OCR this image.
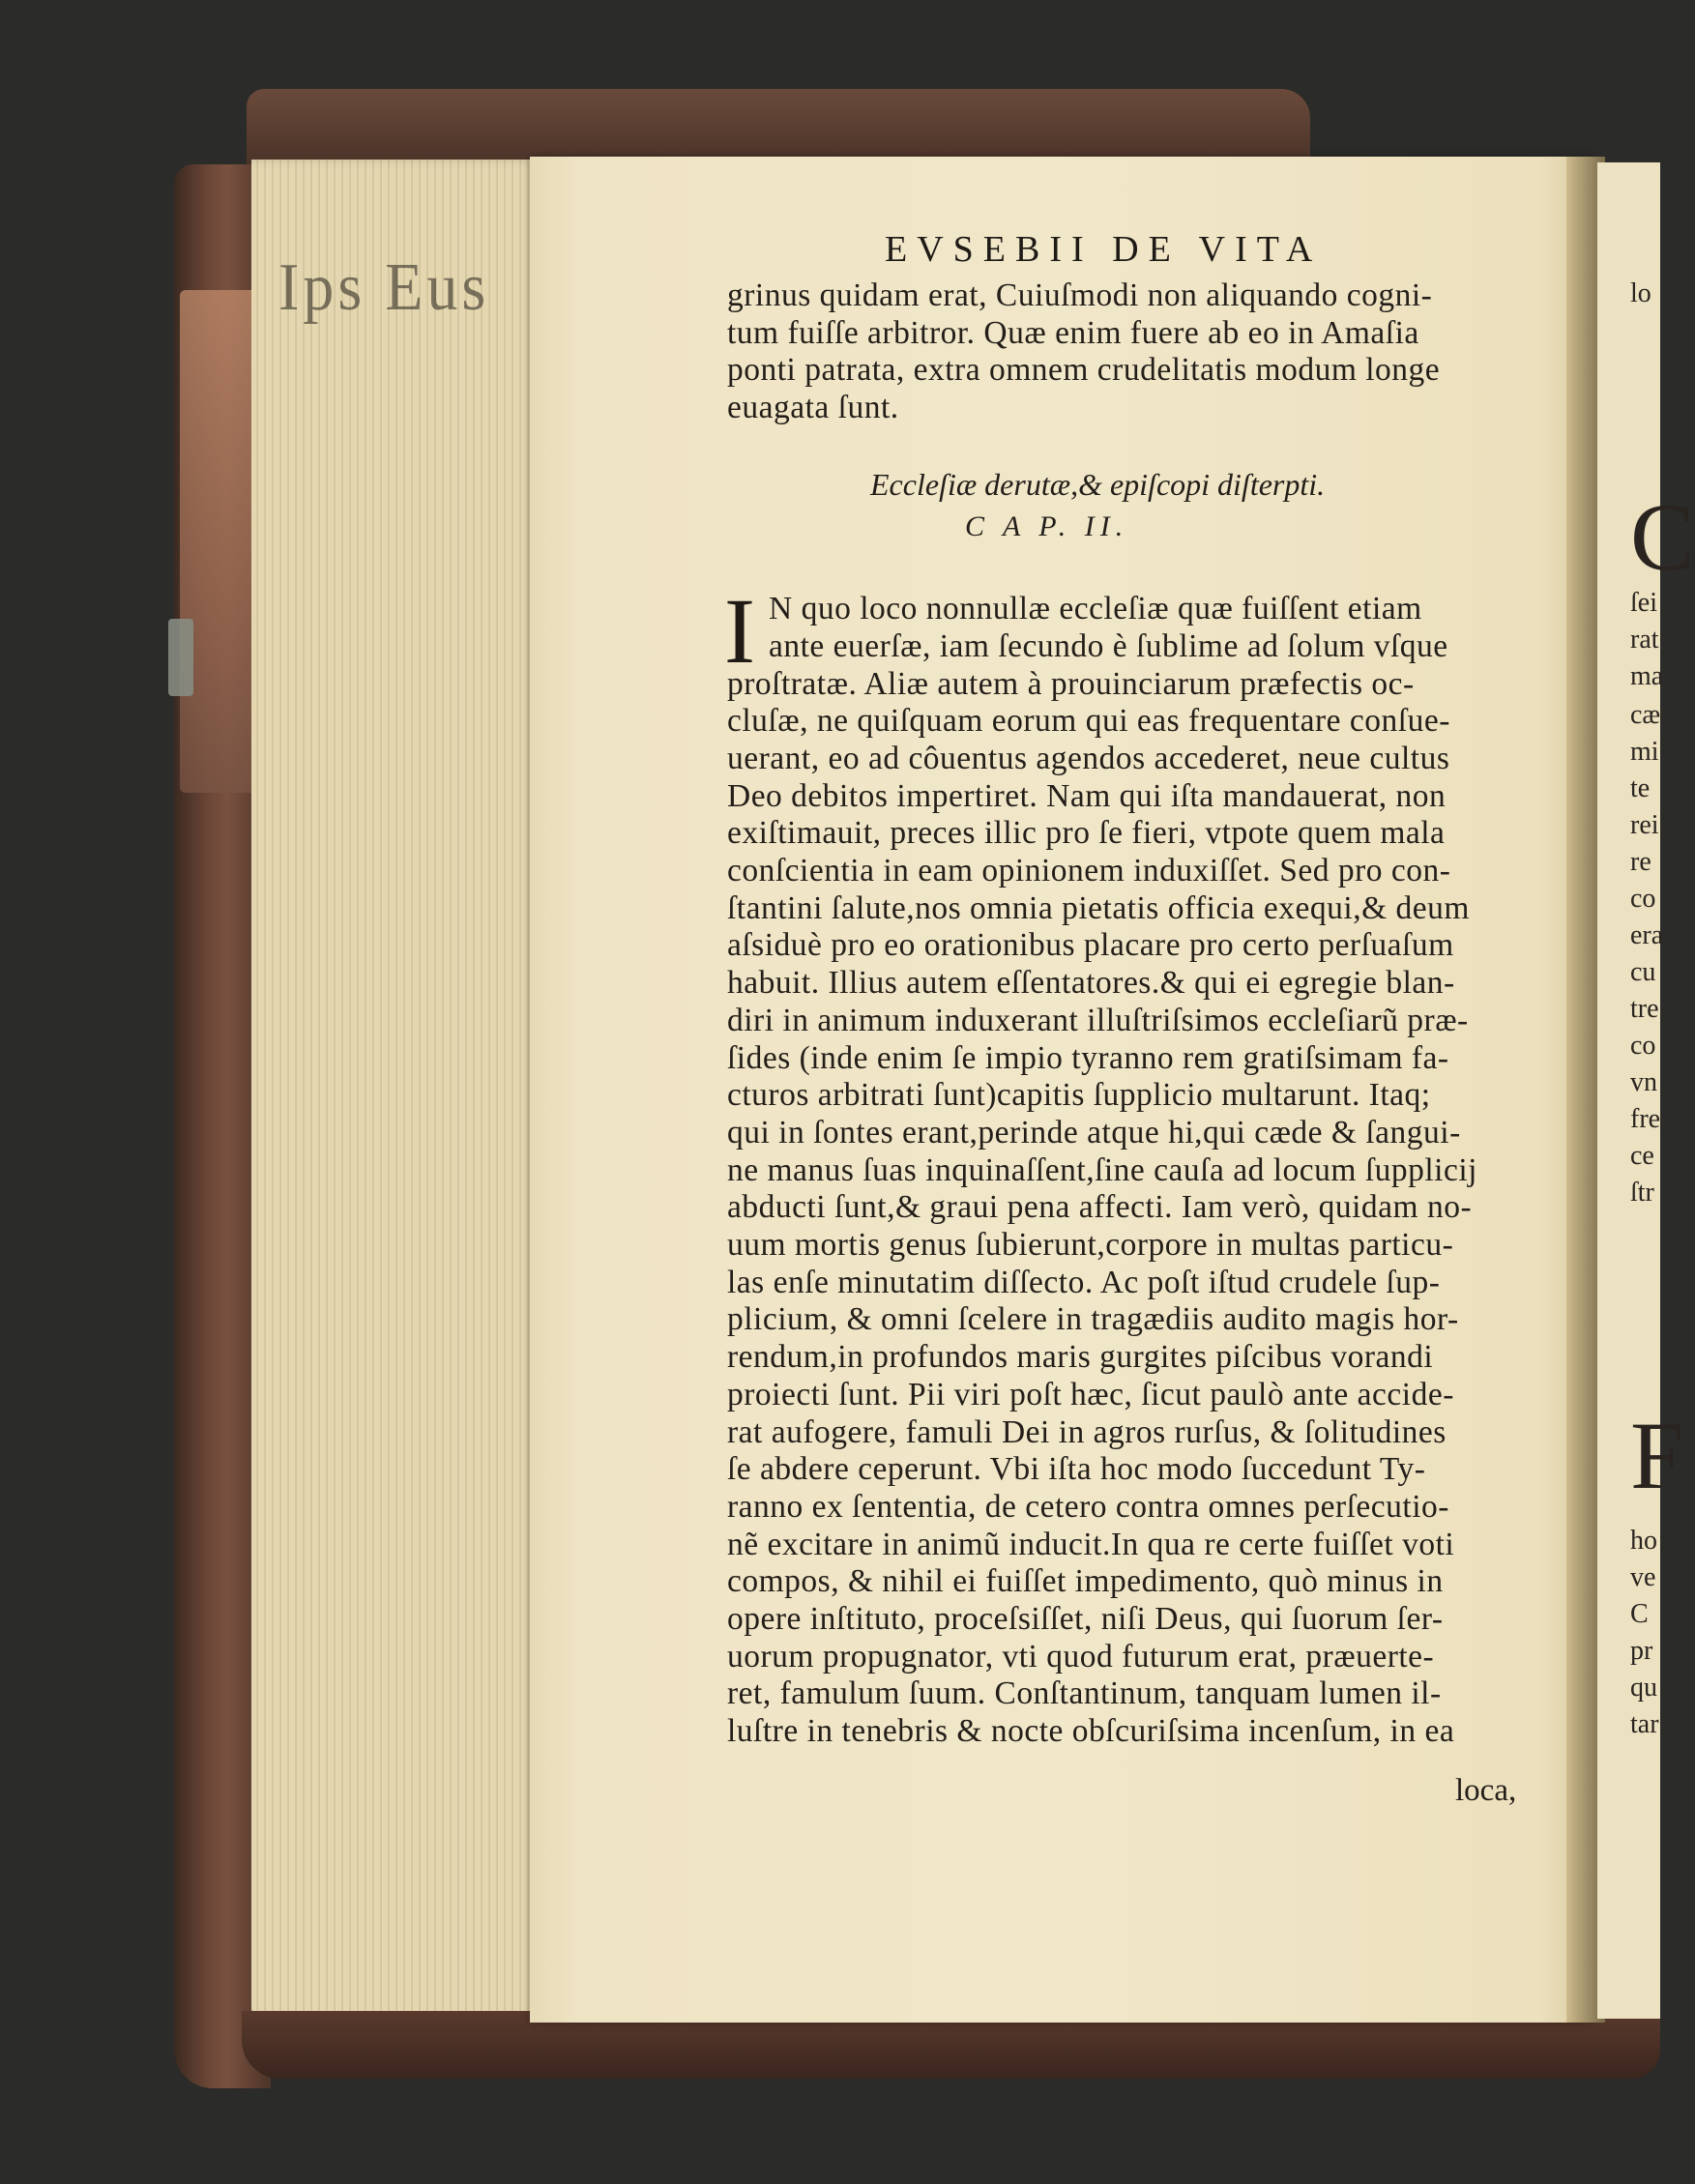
Ips Eus	lo
C
ſei
rat
ma
cæ
mi
te
rei
re
co
era
cu
tre
co
vn
fre
ce
ſtr
F
ho
ve
C
pr
qu
tar
EVSEBII DE VITA
grinus quidam erat, Cuiuſmodi non aliquando cogni-
tum fuiſſe arbitror. Quæ enim fuere ab eo in Amaſia
ponti patrata, extra omnem crudelitatis modum longe
euagata ſunt.
Eccleſiæ derutæ,& epiſcopi diſterpti.
C A P. II.
I N quo loco nonnullæ eccleſiæ quæ fuiſſent etiam
ante euerſæ, iam ſecundo è ſublime ad ſolum vſque
proſtratæ. Aliæ autem à prouinciarum præfectis oc-
cluſæ, ne quiſquam eorum qui eas frequentare conſue-
uerant, eo ad côuentus agendos accederet, neue cultus
Deo debitos impertiret. Nam qui iſta mandauerat, non
exiſtimauit, preces illic pro ſe fieri, vtpote quem mala
conſcientia in eam opinionem induxiſſet. Sed pro con-
ſtantini ſalute,nos omnia pietatis officia exequi,& deum
aſsiduè pro eo orationibus placare pro certo perſuaſum
habuit. Illius autem eſſentatores.& qui ei egregie blan-
diri in animum induxerant illuſtriſsimos eccleſiarũ præ-
ſides (inde enim ſe impio tyranno rem gratiſsimam fa-
cturos arbitrati ſunt)capitis ſupplicio multarunt. Itaq;
qui in ſontes erant,perinde atque hi,qui cæde & ſangui-
ne manus ſuas inquinaſſent,ſine cauſa ad locum ſupplicij
abducti ſunt,& graui pena affecti. Iam verò, quidam no-
uum mortis genus ſubierunt,corpore in multas particu-
las enſe minutatim diſſecto. Ac poſt iſtud crudele ſup-
plicium, & omni ſcelere in tragædiis audito magis hor-
rendum,in profundos maris gurgites piſcibus vorandi
proiecti ſunt. Pii viri poſt hæc, ſicut paulò ante accide-
rat aufogere, famuli Dei in agros rurſus, & ſolitudines
ſe abdere ceperunt. Vbi iſta hoc modo ſuccedunt Ty-
ranno ex ſententia, de cetero contra omnes perſecutio-
nẽ excitare in animũ inducit.In qua re certe fuiſſet voti
compos, & nihil ei fuiſſet impedimento, quò minus in
opere inſtituto, proceſsiſſet, niſi Deus, qui ſuorum ſer-
uorum propugnator, vti quod futurum erat, præuerte-
ret, famulum ſuum. Conſtantinum, tanquam lumen il-
luſtre in tenebris & nocte obſcuriſsima incenſum, in ea
loca,
